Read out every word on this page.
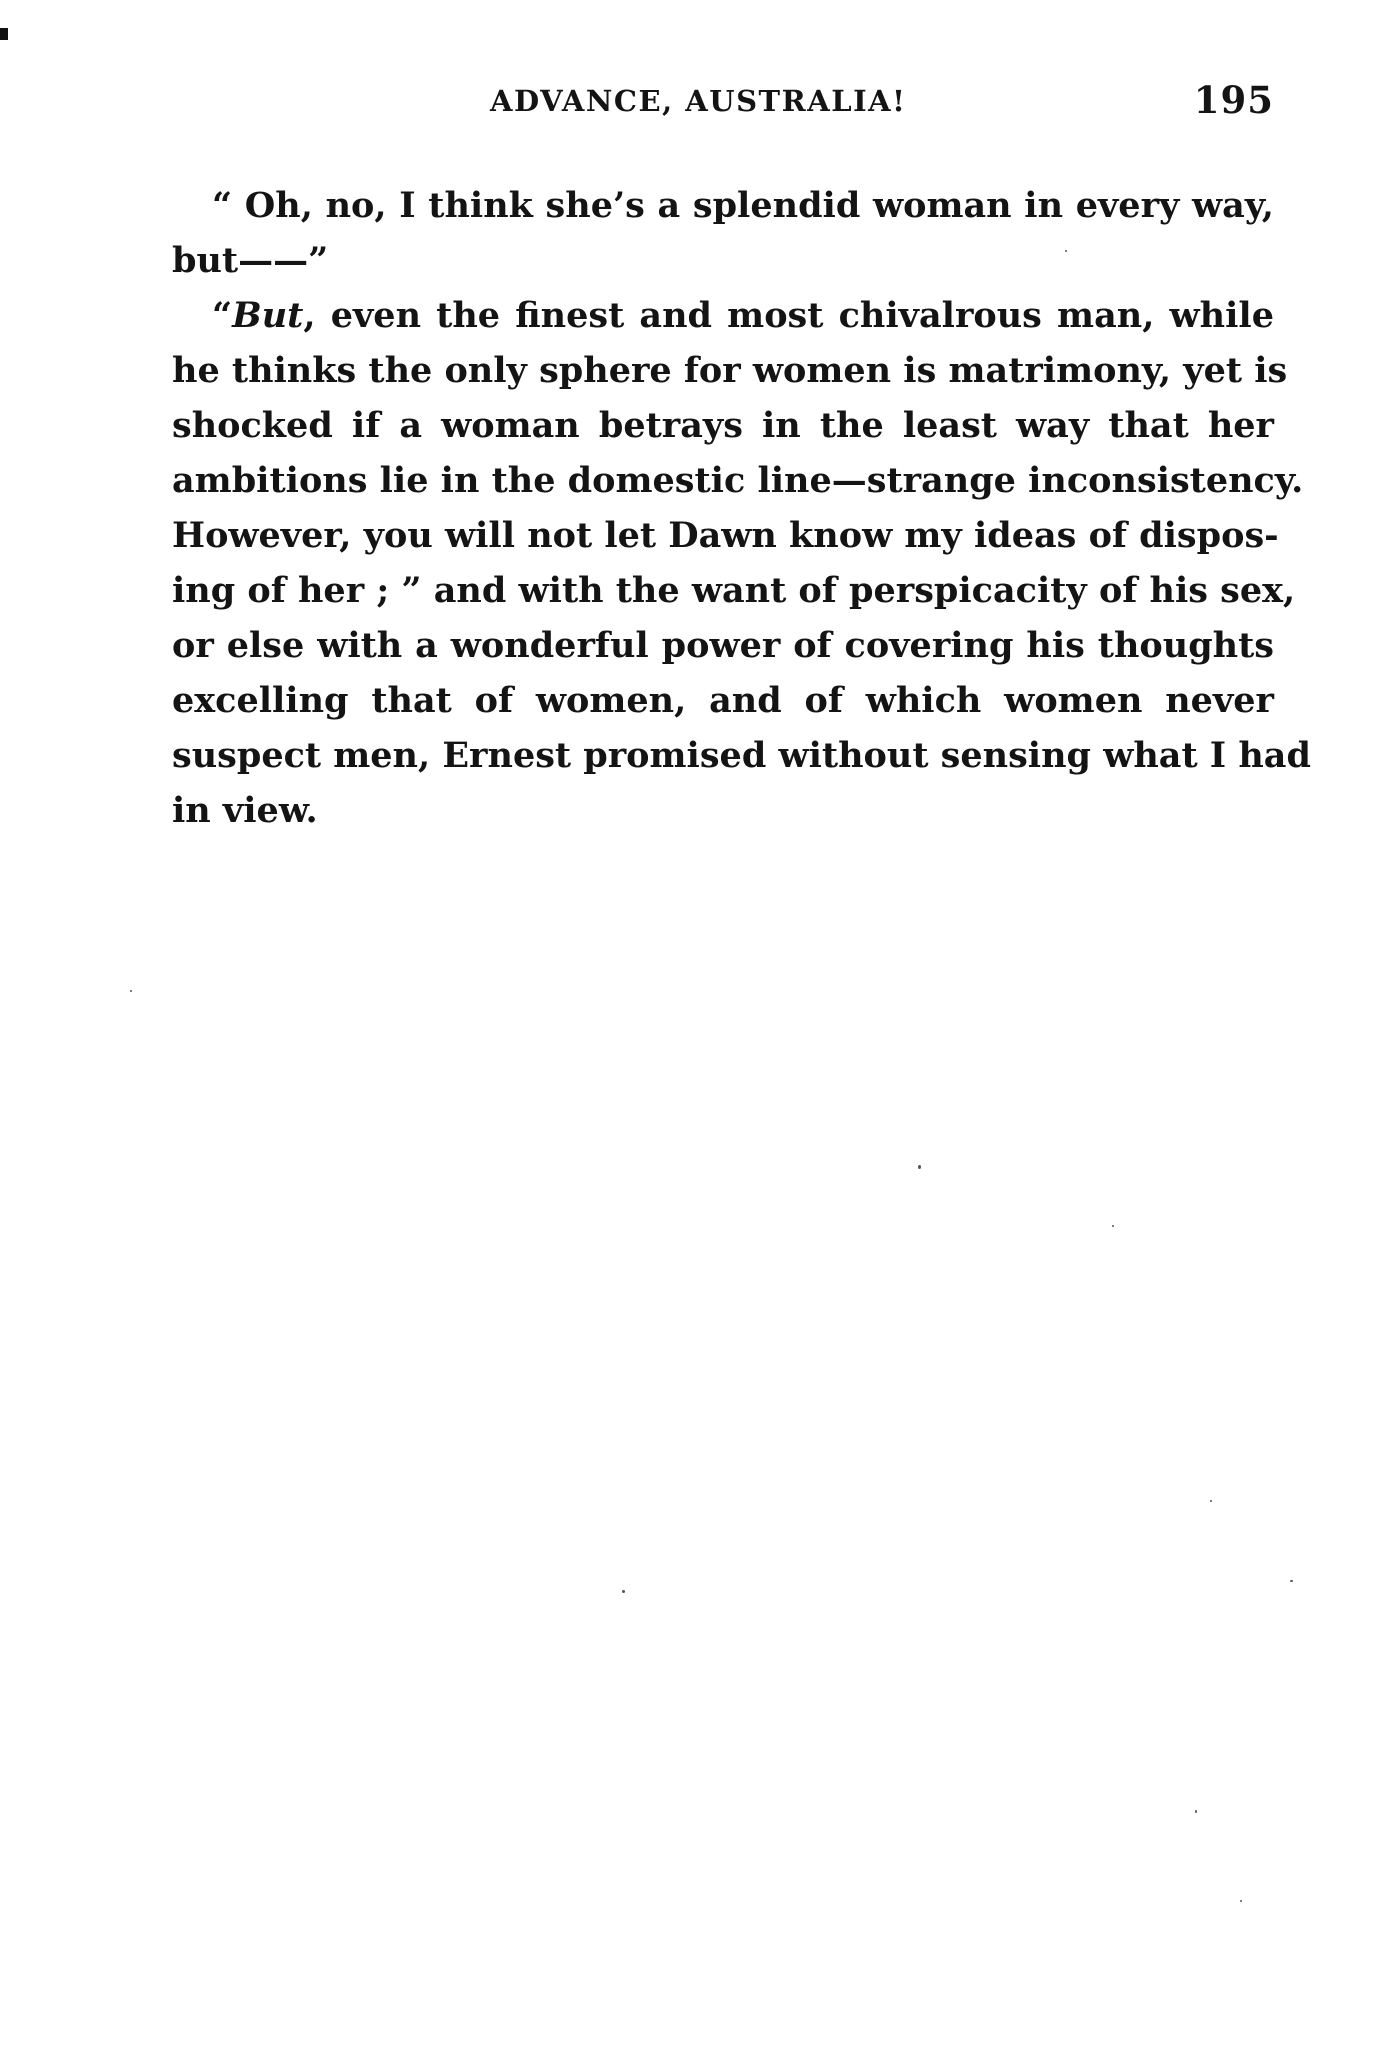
ADVANCE, AUSTRALIA!	195
“ Oh, no, I think she’s a splendid woman in every way,
but——”
“But, even the finest and most chivalrous man, while
he thinks the only sphere for women is matrimony, yet is
shocked if a woman betrays in the least way that her
ambitions lie in the domestic line—strange inconsistency.
However, you will not let Dawn know my ideas of dispos-
ing of her ; ” and with the want of perspicacity of his sex,
or else with a wonderful power of covering his thoughts
excelling that of women, and of which women never
suspect men, Ernest promised without sensing what I had
in view.
